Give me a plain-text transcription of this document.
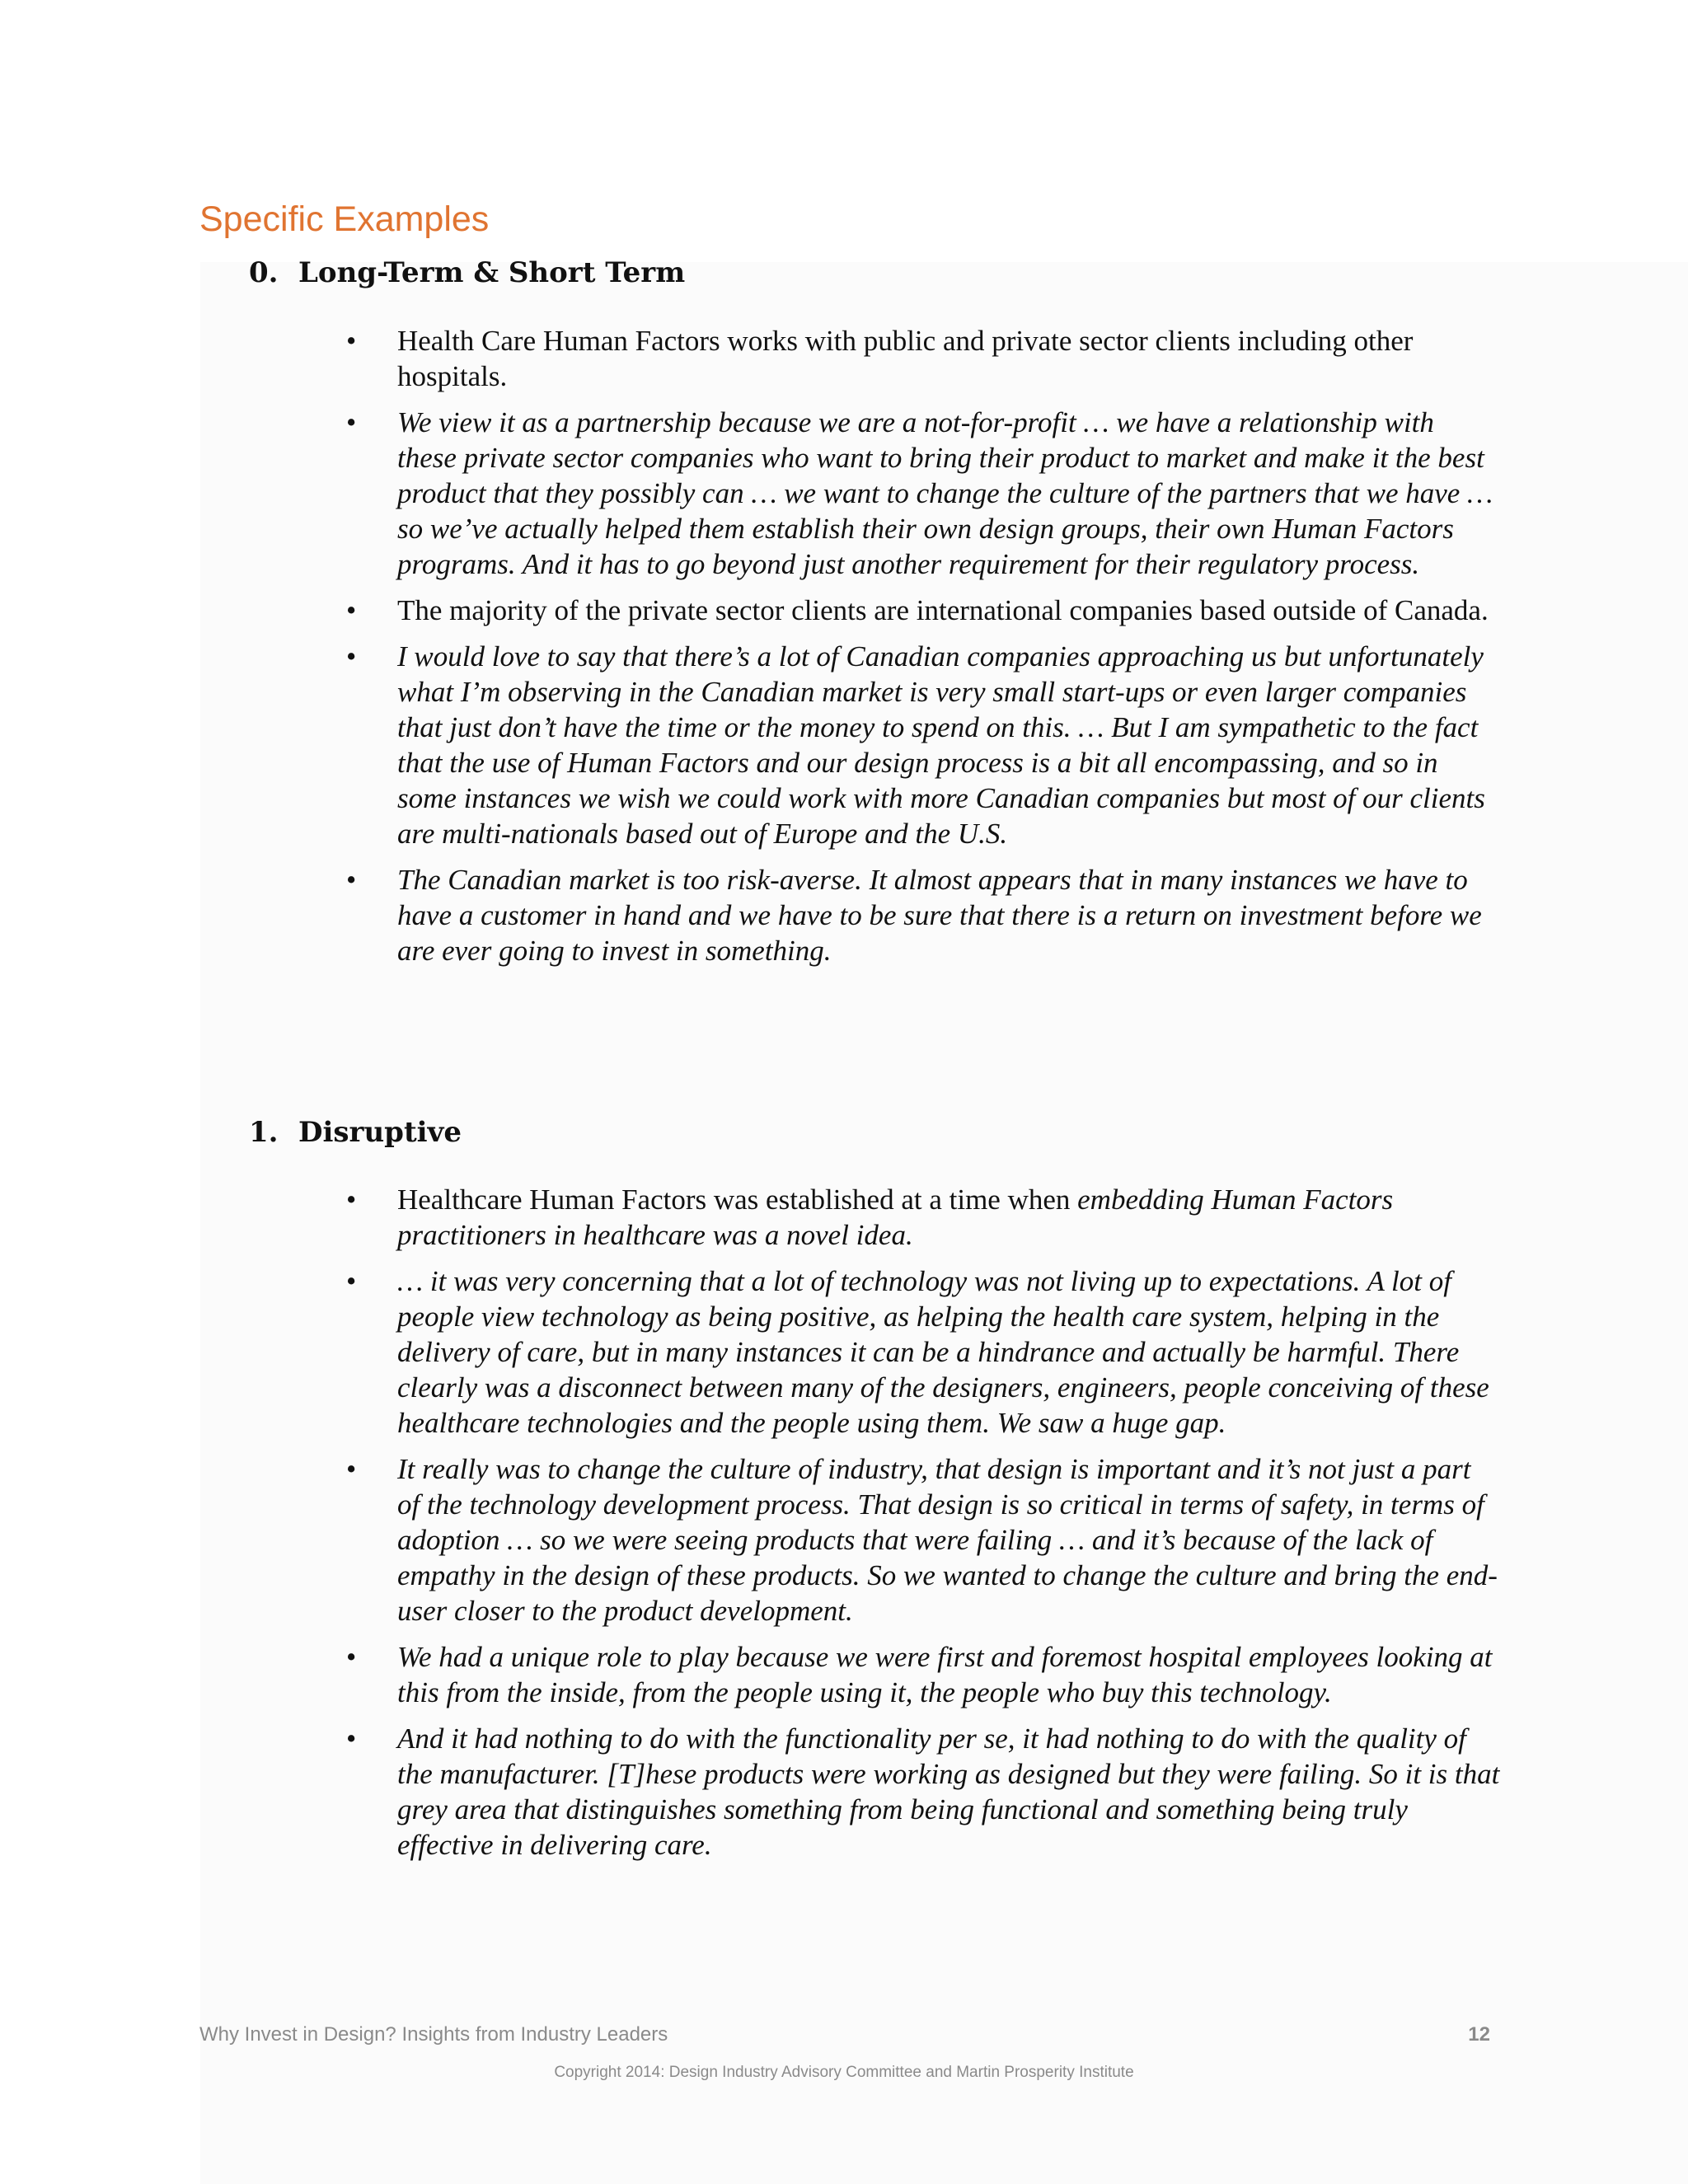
Specific Examples
0. Long-Term & Short Term
•	Health Care Human Factors works with public and private sector clients including other hospitals.
•	We view it as a partnership because we are a not-for-profit … we have a relationship with these private sector companies who want to bring their product to market and make it the best product that they possibly can … we want to change the culture of the partners that we have … so we’ve actually helped them establish their own design groups, their own Human Factors programs. And it has to go beyond just another requirement for their regulatory process.
•	The majority of the private sector clients are international companies based outside of Canada.
•	I would love to say that there’s a lot of Canadian companies approaching us but unfortunately what I’m observing in the Canadian market is very small start-ups or even larger companies that just don’t have the time or the money to spend on this. … But I am sympathetic to the fact that the use of Human Factors and our design process is a bit all encompassing, and so in some instances we wish we could work with more Canadian companies but most of our clients are multi-nationals based out of Europe and the U.S.
•	The Canadian market is too risk-averse. It almost appears that in many instances we have to have a customer in hand and we have to be sure that there is a return on investment before we are ever going to invest in something.
1. Disruptive
•	Healthcare Human Factors was established at a time when embedding Human Factors practitioners in healthcare was a novel idea.
•	… it was very concerning that a lot of technology was not living up to expectations. A lot of people view technology as being positive, as helping the health care system, helping in the delivery of care, but in many instances it can be a hindrance and actually be harmful. There clearly was a disconnect between many of the designers, engineers, people conceiving of these healthcare technologies and the people using them. We saw a huge gap.
•	It really was to change the culture of industry, that design is important and it’s not just a part of the technology development process. That design is so critical in terms of safety, in terms of adoption … so we were seeing products that were failing … and it’s because of the lack of empathy in the design of these products. So we wanted to change the culture and bring the end-user closer to the product development.
•	We had a unique role to play because we were first and foremost hospital employees looking at this from the inside, from the people using it, the people who buy this technology.
•	And it had nothing to do with the functionality per se, it had nothing to do with the quality of the manufacturer. [T]hese products were working as designed but they were failing. So it is that grey area that distinguishes something from being functional and something being truly effective in delivering care.
Why Invest in Design? Insights from Industry Leaders	12
Copyright 2014: Design Industry Advisory Committee and Martin Prosperity Institute
